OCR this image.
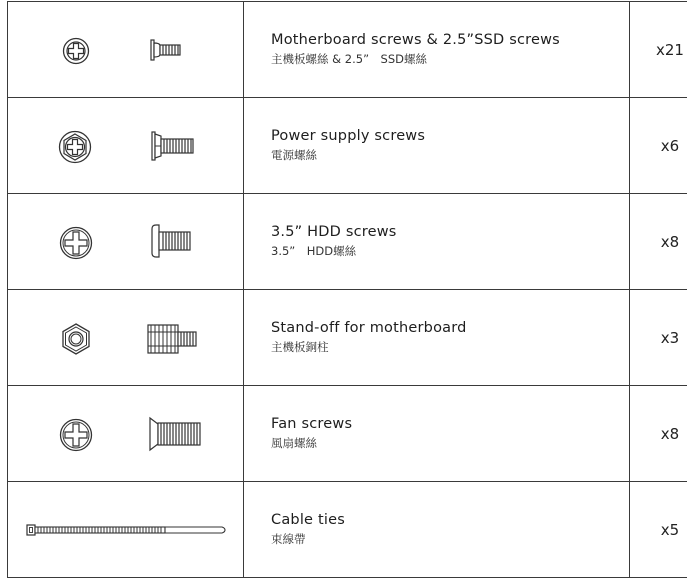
Motherboard screws & 2.5”SSD screws
主機板螺絲 & 2.5”　SSD螺絲	x21

Power supply screws
電源螺絲	x6

3.5” HDD screws
3.5”　HDD螺絲	x8

Stand-off for motherboard
主機板銅柱	x3

Fan screws
風扇螺絲	x8

Cable ties
束線帶	x5
